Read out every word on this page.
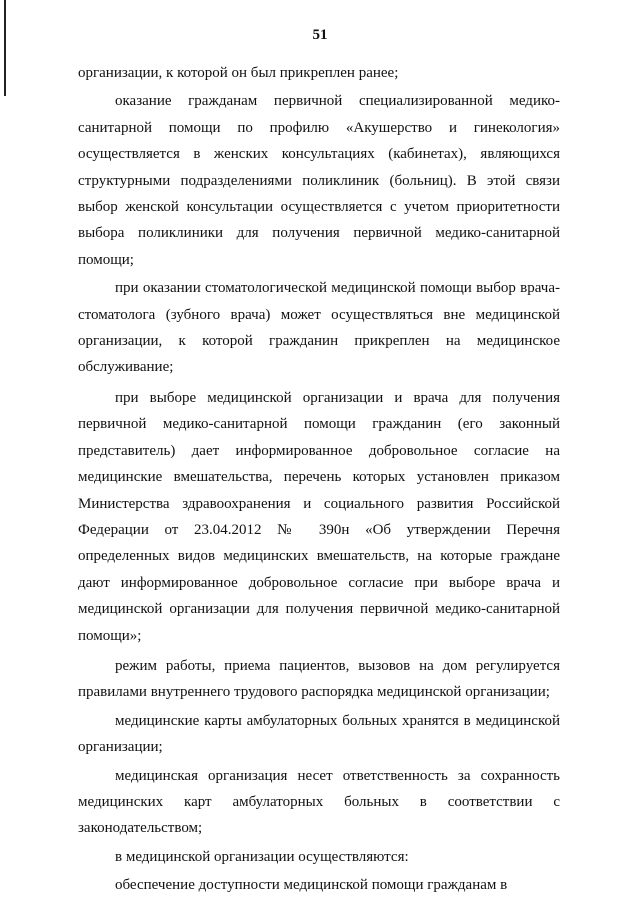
51

организации, к которой он был прикреплен ранее;

оказание гражданам первичной специализированной медико-санитарной помощи по профилю «Акушерство и гинекология» осуществляется в женских консультациях (кабинетах), являющихся структурными подразделениями поликлиник (больниц). В этой связи выбор женской консультации осуществляется с учетом приоритетности выбора поликлиники для получения первичной медико-санитарной помощи;

при оказании стоматологической медицинской помощи выбор врача-стоматолога (зубного врача) может осуществляться вне медицинской организации, к которой гражданин прикреплен на медицинское обслуживание;

при выборе медицинской организации и врача для получения первичной медико-санитарной помощи гражданин (его законный представитель) дает информированное добровольное согласие на медицинские вмешательства, перечень которых установлен приказом Министерства здравоохранения и социального развития Российской Федерации от 23.04.2012 № 390н «Об утверждении Перечня определенных видов медицинских вмешательств, на которые граждане дают информированное добровольное согласие при выборе врача и медицинской организации для получения первичной медико-санитарной помощи»;

режим работы, приема пациентов, вызовов на дом регулируется правилами внутреннего трудового распорядка медицинской организации;

медицинские карты амбулаторных больных хранятся в медицинской организации;

медицинская организация несет ответственность за сохранность медицинских карт амбулаторных больных в соответствии с законодательством;

в медицинской организации осуществляются:

обеспечение доступности медицинской помощи гражданам в
